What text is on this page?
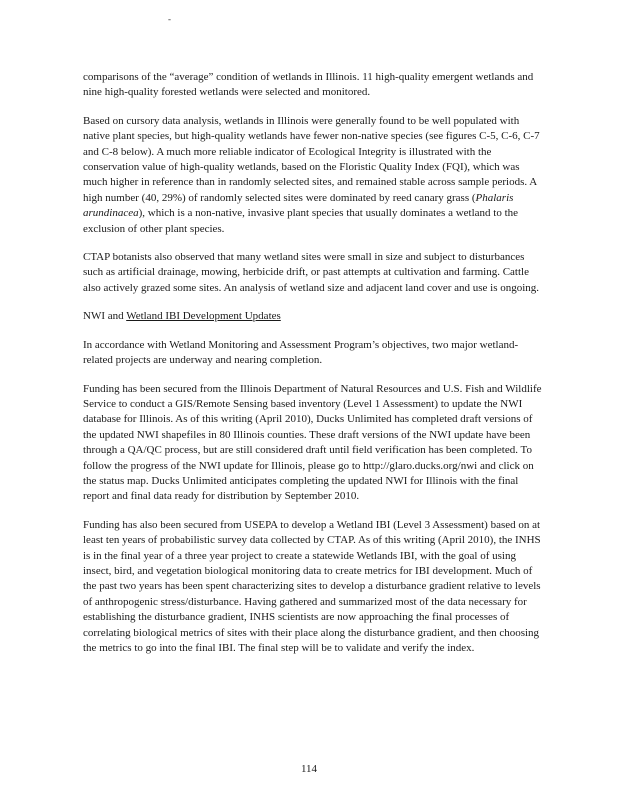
-

comparisons of the “average” condition of wetlands in Illinois. 11 high-quality emergent wetlands and nine high-quality forested wetlands were selected and monitored.

Based on cursory data analysis, wetlands in Illinois were generally found to be well populated with native plant species, but high-quality wetlands have fewer non-native species (see figures C-5, C-6, C-7 and C-8 below). A much more reliable indicator of Ecological Integrity is illustrated with the conservation value of high-quality wetlands, based on the Floristic Quality Index (FQI), which was much higher in reference than in randomly selected sites, and remained stable across sample periods. A high number (40, 29%) of randomly selected sites were dominated by reed canary grass (Phalaris arundinacea), which is a non-native, invasive plant species that usually dominates a wetland to the exclusion of other plant species.

CTAP botanists also observed that many wetland sites were small in size and subject to disturbances such as artificial drainage, mowing, herbicide drift, or past attempts at cultivation and farming. Cattle also actively grazed some sites. An analysis of wetland size and adjacent land cover and use is ongoing.

NWI and Wetland IBI Development Updates

In accordance with Wetland Monitoring and Assessment Program’s objectives, two major wetland-related projects are underway and nearing completion.

Funding has been secured from the Illinois Department of Natural Resources and U.S. Fish and Wildlife Service to conduct a GIS/Remote Sensing based inventory (Level 1 Assessment) to update the NWI database for Illinois. As of this writing (April 2010), Ducks Unlimited has completed draft versions of the updated NWI shapefiles in 80 Illinois counties. These draft versions of the NWI update have been through a QA/QC process, but are still considered draft until field verification has been completed. To follow the progress of the NWI update for Illinois, please go to http://glaro.ducks.org/nwi and click on the status map. Ducks Unlimited anticipates completing the updated NWI for Illinois with the final report and final data ready for distribution by September 2010.

Funding has also been secured from USEPA to develop a Wetland IBI (Level 3 Assessment) based on at least ten years of probabilistic survey data collected by CTAP. As of this writing (April 2010), the INHS is in the final year of a three year project to create a statewide Wetlands IBI, with the goal of using insect, bird, and vegetation biological monitoring data to create metrics for IBI development. Much of the past two years has been spent characterizing sites to develop a disturbance gradient relative to levels of anthropogenic stress/disturbance. Having gathered and summarized most of the data necessary for establishing the disturbance gradient, INHS scientists are now approaching the final processes of correlating biological metrics of sites with their place along the disturbance gradient, and then choosing the metrics to go into the final IBI. The final step will be to validate and verify the index.

114
